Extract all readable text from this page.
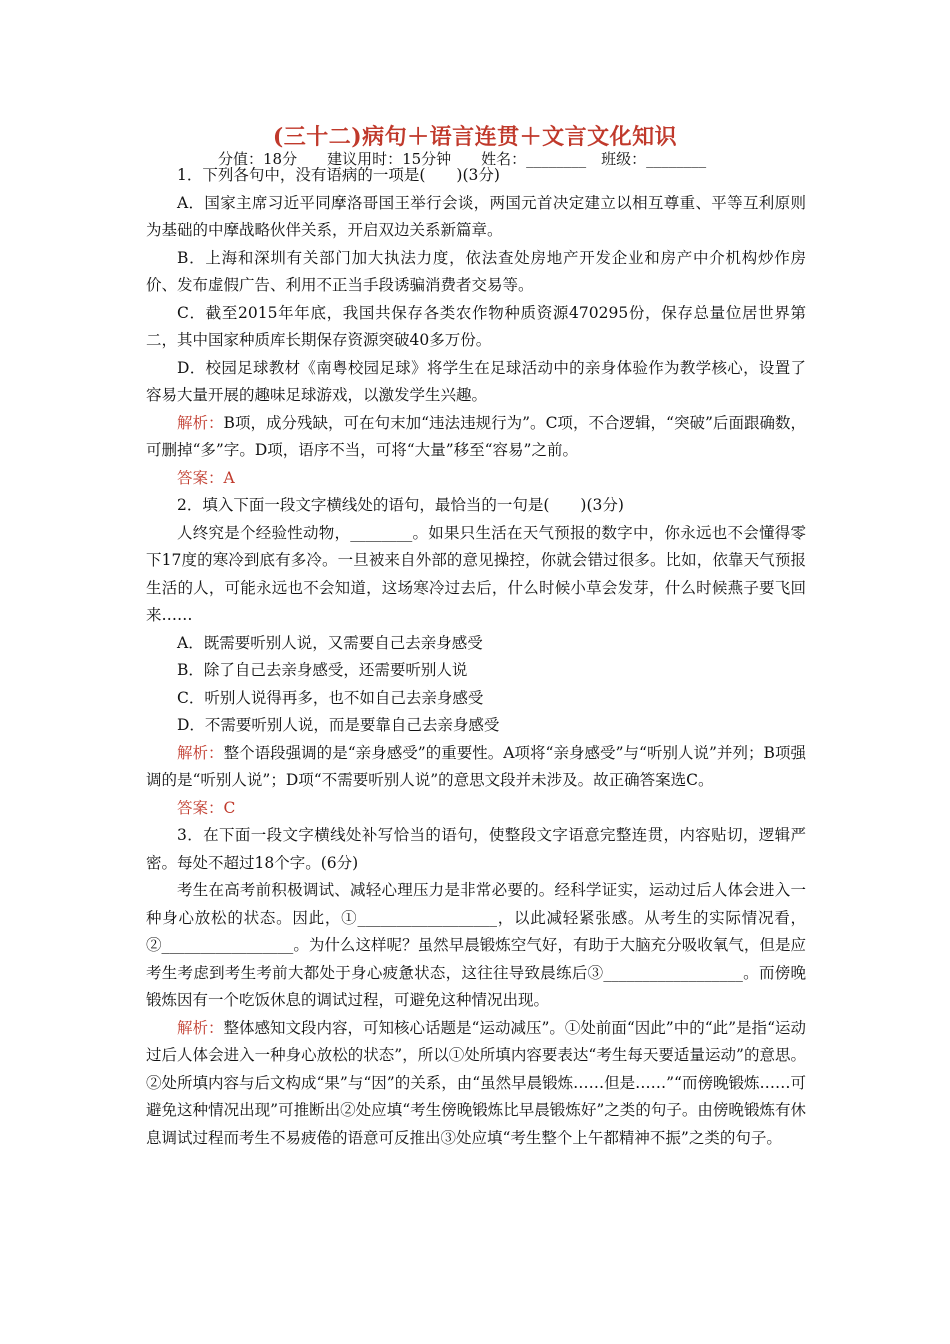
(三十二)病句＋语言连贯＋文言文化知识
分值：18分　　建议用时：15分钟　　姓名：________　班级：________

1．下列各句中，没有语病的一项是(　　)(3分)

A．国家主席习近平同摩洛哥国王举行会谈，两国元首决定建立以相互尊重、平等互利原则为基础的中摩战略伙伴关系，开启双边关系新篇章。

B．上海和深圳有关部门加大执法力度，依法查处房地产开发企业和房产中介机构炒作房价、发布虚假广告、利用不正当手段诱骗消费者交易等。

C．截至2015年年底，我国共保存各类农作物种质资源470295份，保存总量位居世界第二，其中国家种质库长期保存资源突破40多万份。

D．校园足球教材《南粤校园足球》将学生在足球活动中的亲身体验作为教学核心，设置了容易大量开展的趣味足球游戏，以激发学生兴趣。

解析：B项，成分残缺，可在句末加“违法违规行为”。C项，不合逻辑，“突破”后面跟确数，可删掉“多”字。D项，语序不当，可将“大量”移至“容易”之前。

答案：A

2．填入下面一段文字横线处的语句，最恰当的一句是(　　)(3分)

人终究是个经验性动物，________。如果只生活在天气预报的数字中，你永远也不会懂得零下17度的寒冷到底有多冷。一旦被来自外部的意见操控，你就会错过很多。比如，依靠天气预报生活的人，可能永远也不会知道，这场寒冷过去后，什么时候小草会发芽，什么时候燕子要飞回来……

A．既需要听别人说，又需要自己去亲身感受

B．除了自己去亲身感受，还需要听别人说

C．听别人说得再多，也不如自己去亲身感受

D．不需要听别人说，而是要靠自己去亲身感受

解析：整个语段强调的是“亲身感受”的重要性。A项将“亲身感受”与“听别人说”并列；B项强调的是“听别人说”；D项“不需要听别人说”的意思文段并未涉及。故正确答案选C。

答案：C

3．在下面一段文字横线处补写恰当的语句，使整段文字语意完整连贯，内容贴切，逻辑严密。每处不超过18个字。(6分)

考生在高考前积极调试、减轻心理压力是非常必要的。经科学证实，运动过后人体会进入一种身心放松的状态。因此，①__________________，以此减轻紧张感。从考生的实际情况看，②_________________。为什么这样呢？虽然早晨锻炼空气好，有助于大脑充分吸收氧气，但是应考生考虑到考生考前大都处于身心疲惫状态，这往往导致晨练后③__________________。而傍晚锻炼因有一个吃饭休息的调试过程，可避免这种情况出现。

解析：整体感知文段内容，可知核心话题是“运动减压”。①处前面“因此”中的“此”是指“运动过后人体会进入一种身心放松的状态”，所以①处所填内容要表达“考生每天要适量运动”的意思。②处所填内容与后文构成“果”与“因”的关系，由“虽然早晨锻炼……但是……”“而傍晚锻炼……可避免这种情况出现”可推断出②处应填“考生傍晚锻炼比早晨锻炼好”之类的句子。由傍晚锻炼有休息调试过程而考生不易疲倦的语意可反推出③处应填“考生整个上午都精神不振”之类的句子。
